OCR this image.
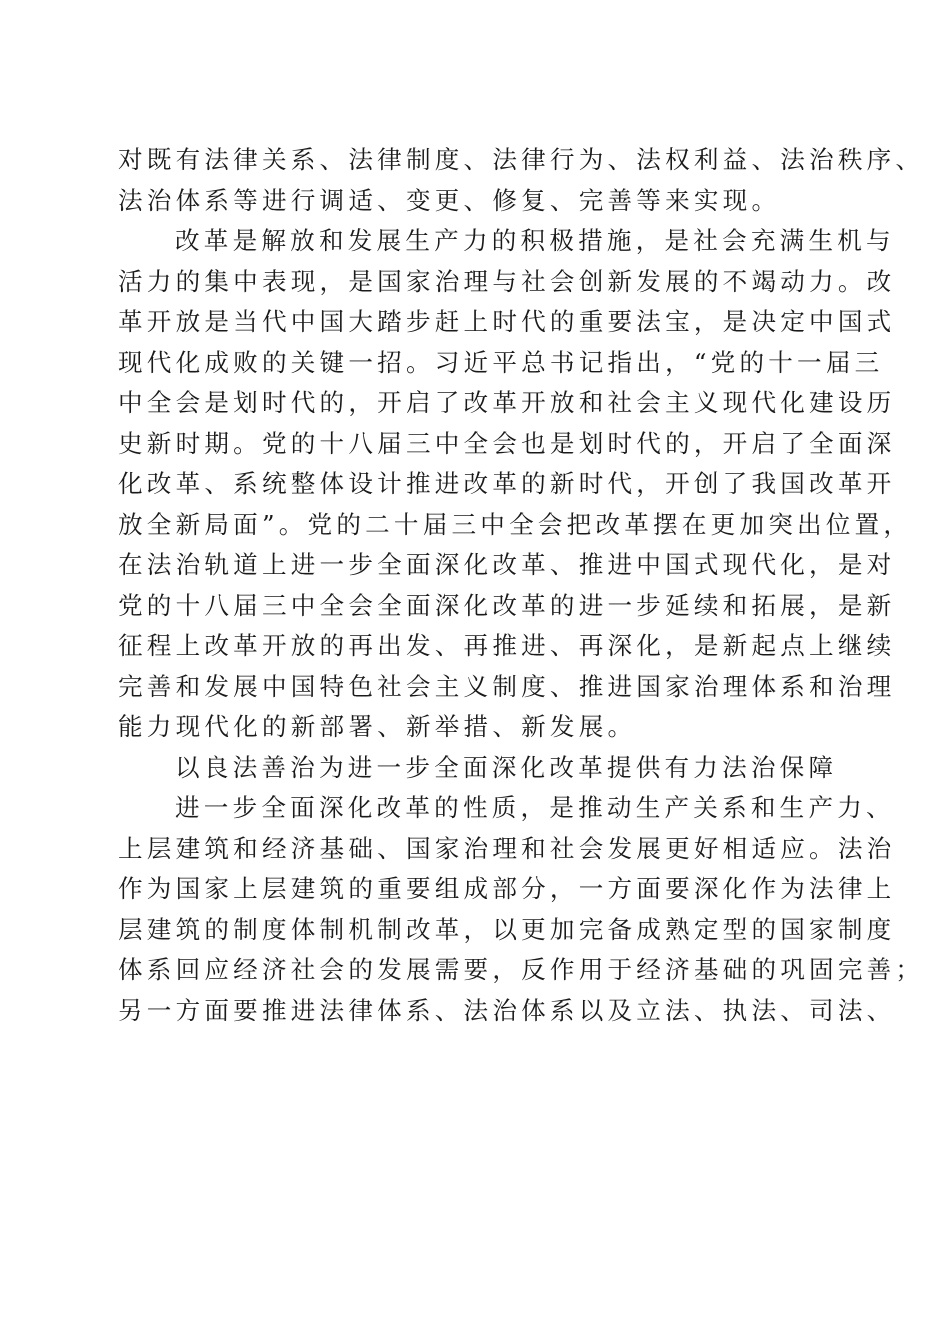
对既有法律关系、法律制度、法律行为、法权利益、法治秩序、
法治体系等进行调适、变更、修复、完善等来实现。

改革是解放和发展生产力的积极措施，是社会充满生机与
活力的集中表现，是国家治理与社会创新发展的不竭动力。改
革开放是当代中国大踏步赶上时代的重要法宝，是决定中国式
现代化成败的关键一招。习近平总书记指出，“党的十一届三
中全会是划时代的，开启了改革开放和社会主义现代化建设历
史新时期。党的十八届三中全会也是划时代的，开启了全面深
化改革、系统整体设计推进改革的新时代，开创了我国改革开
放全新局面”。党的二十届三中全会把改革摆在更加突出位置，
在法治轨道上进一步全面深化改革、推进中国式现代化，是对
党的十八届三中全会全面深化改革的进一步延续和拓展，是新
征程上改革开放的再出发、再推进、再深化，是新起点上继续
完善和发展中国特色社会主义制度、推进国家治理体系和治理
能力现代化的新部署、新举措、新发展。

以良法善治为进一步全面深化改革提供有力法治保障

进一步全面深化改革的性质，是推动生产关系和生产力、
上层建筑和经济基础、国家治理和社会发展更好相适应。法治
作为国家上层建筑的重要组成部分，一方面要深化作为法律上
层建筑的制度体制机制改革，以更加完备成熟定型的国家制度
体系回应经济社会的发展需要，反作用于经济基础的巩固完善；
另一方面要推进法律体系、法治体系以及立法、执法、司法、
